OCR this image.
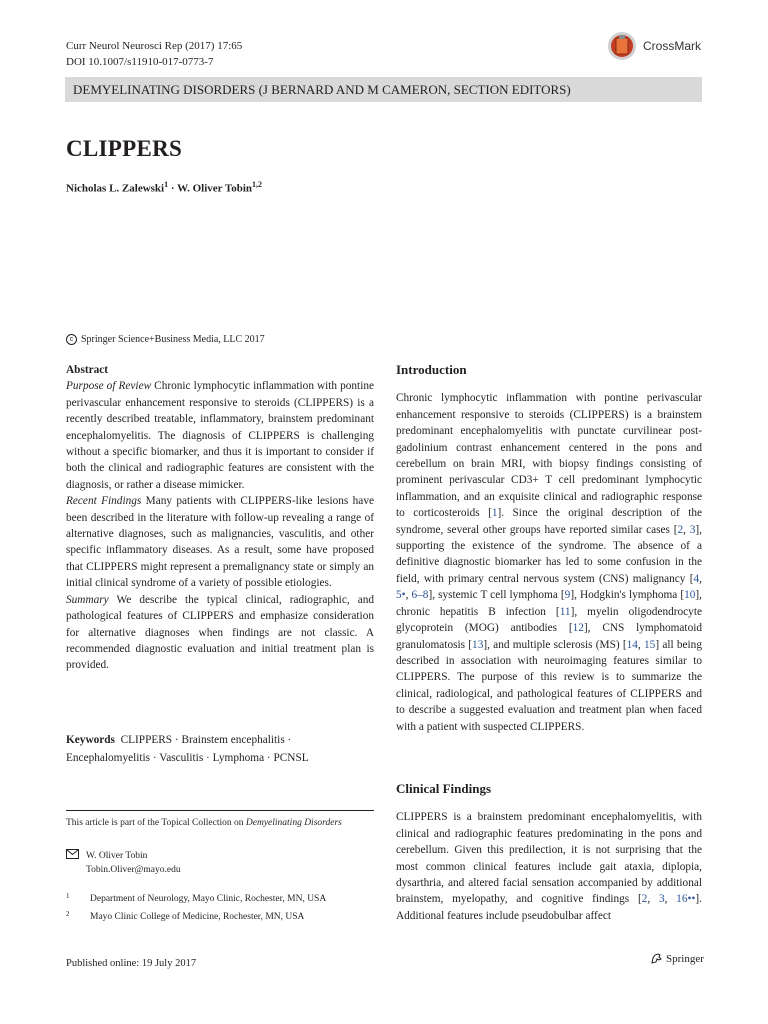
Curr Neurol Neurosci Rep (2017) 17:65
DOI 10.1007/s11910-017-0773-7
CrossMark
DEMYELINATING DISORDERS (J BERNARD AND M CAMERON, SECTION EDITORS)
CLIPPERS
Nicholas L. Zalewski$^1$ · W. Oliver Tobin$^{1,2}$
c Springer Science+Business Media, LLC 2017

Abstract

Purpose of Review Chronic lymphocytic inflammation with pontine perivascular enhancement responsive to steroids (CLIPPERS) is a recently described treatable, inflammatory, brainstem predominant encephalomyelitis. The diagnosis of CLIPPERS is challenging without a specific biomarker, and thus it is important to consider if both the clinical and radiographic features are consistent with the diagnosis, or rather a disease mimicker.

Recent Findings Many patients with CLIPPERS-like lesions have been described in the literature with follow-up revealing a range of alternative diagnoses, such as malignancies, vasculitis, and other specific inflammatory diseases. As a result, some have proposed that CLIPPERS might represent a premalignancy state or simply an initial clinical syndrome of a variety of possible etiologies.

Summary We describe the typical clinical, radiographic, and pathological features of CLIPPERS and emphasize consideration for alternative diagnoses when findings are not classic. A recommended diagnostic evaluation and initial treatment plan is provided.

Keywords CLIPPERS · Brainstem encephalitis · Encephalomyelitis · Vasculitis · Lymphoma · PCNSL
This article is part of the Topical Collection on Demyelinating Disorders
W. Oliver Tobin
Tobin.Oliver@mayo.edu
1	Department of Neurology, Mayo Clinic, Rochester, MN, USA
2	Mayo Clinic College of Medicine, Rochester, MN, USA
Published online: 19 July 2017	Springer
Introduction

Chronic lymphocytic inflammation with pontine perivascular enhancement responsive to steroids (CLIPPERS) is a brainstem predominant encephalomyelitis with punctate curvilinear post-gadolinium contrast enhancement centered in the pons and cerebellum on brain MRI, with biopsy findings consisting of prominent perivascular CD3+ T cell predominant lymphocytic inflammation, and an exquisite clinical and radiographic response to corticosteroids [1]. Since the original description of the syndrome, several other groups have reported similar cases [2, 3], supporting the existence of the syndrome. The absence of a definitive diagnostic biomarker has led to some confusion in the field, with primary central nervous system (CNS) malignancy [4, 5•, 6–8], systemic T cell lymphoma [9], Hodgkin's lymphoma [10], chronic hepatitis B infection [11], myelin oligodendrocyte glycoprotein (MOG) antibodies [12], CNS lymphomatoid granulomatosis [13], and multiple sclerosis (MS) [14, 15] all being described in association with neuroimaging features similar to CLIPPERS. The purpose of this review is to summarize the clinical, radiological, and pathological features of CLIPPERS and to describe a suggested evaluation and treatment plan when faced with a patient with suspected CLIPPERS.

Clinical Findings

CLIPPERS is a brainstem predominant encephalomyelitis, with clinical and radiographic features predominating in the pons and cerebellum. Given this predilection, it is not surprising that the most common clinical features include gait ataxia, diplopia, dysarthria, and altered facial sensation accompanied by additional brainstem, myelopathy, and cognitive findings [2, 3, 16••]. Additional features include pseudobulbar affect
